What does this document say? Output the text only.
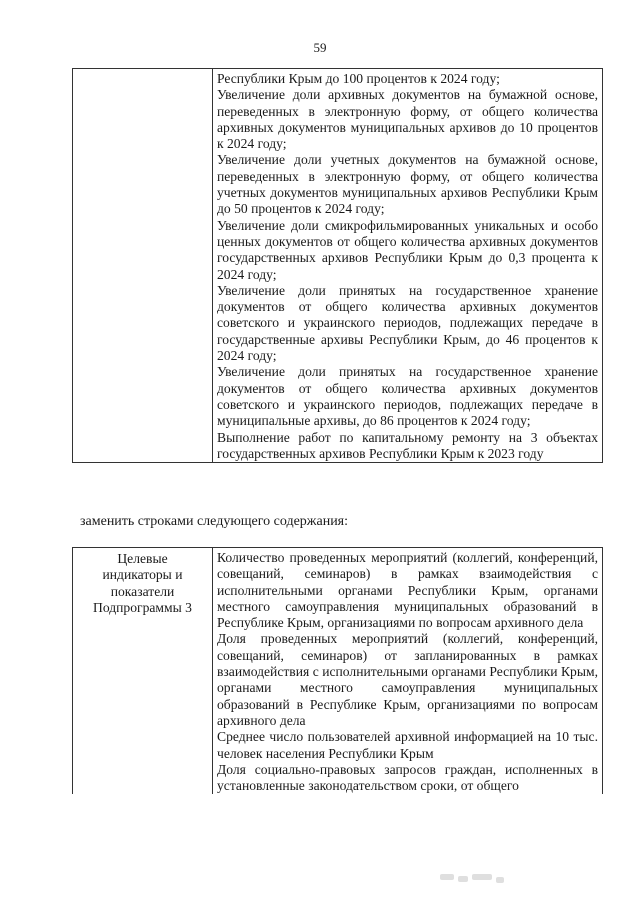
59

Республики Крым до 100 процентов к 2024 году;
Увеличение доли архивных документов на бумажной основе, переведенных в электронную форму, от общего количества архивных документов муниципальных архивов до 10 процентов к 2024 году;
Увеличение доли учетных документов на бумажной основе, переведенных в электронную форму, от общего количества учетных документов муниципальных архивов Республики Крым до 50 процентов к 2024 году;
Увеличение доли смикрофильмированных уникальных и особо ценных документов от общего количества архивных документов государственных архивов Республики Крым до 0,3 процента к 2024 году;
Увеличение доли принятых на государственное хранение документов от общего количества архивных документов советского и украинского периодов, подлежащих передаче в государственные архивы Республики Крым, до 46 процентов к 2024 году;
Увеличение доли принятых на государственное хранение документов от общего количества архивных документов советского и украинского периодов, подлежащих передаче в муниципальные архивы, до 86 процентов к 2024 году;
Выполнение работ по капитальному ремонту на 3 объектах государственных архивов Республики Крым к 2023 году
заменить строками следующего содержания:
Целевые
индикаторы и
показатели
Подпрограммы 3

Количество проведенных мероприятий (коллегий, конференций, совещаний, семинаров) в рамках взаимодействия с исполнительными органами Республики Крым, органами местного самоуправления муниципальных образований в Республике Крым, организациями по вопросам архивного дела
Доля проведенных мероприятий (коллегий, конференций, совещаний, семинаров) от запланированных в рамках взаимодействия с исполнительными органами Республики Крым, органами местного самоуправления муниципальных образований в Республике Крым, организациями по вопросам архивного дела
Среднее число пользователей архивной информацией на 10 тыс. человек населения Республики Крым
Доля социально-правовых запросов граждан, исполненных в установленные законодательством сроки, от общего
